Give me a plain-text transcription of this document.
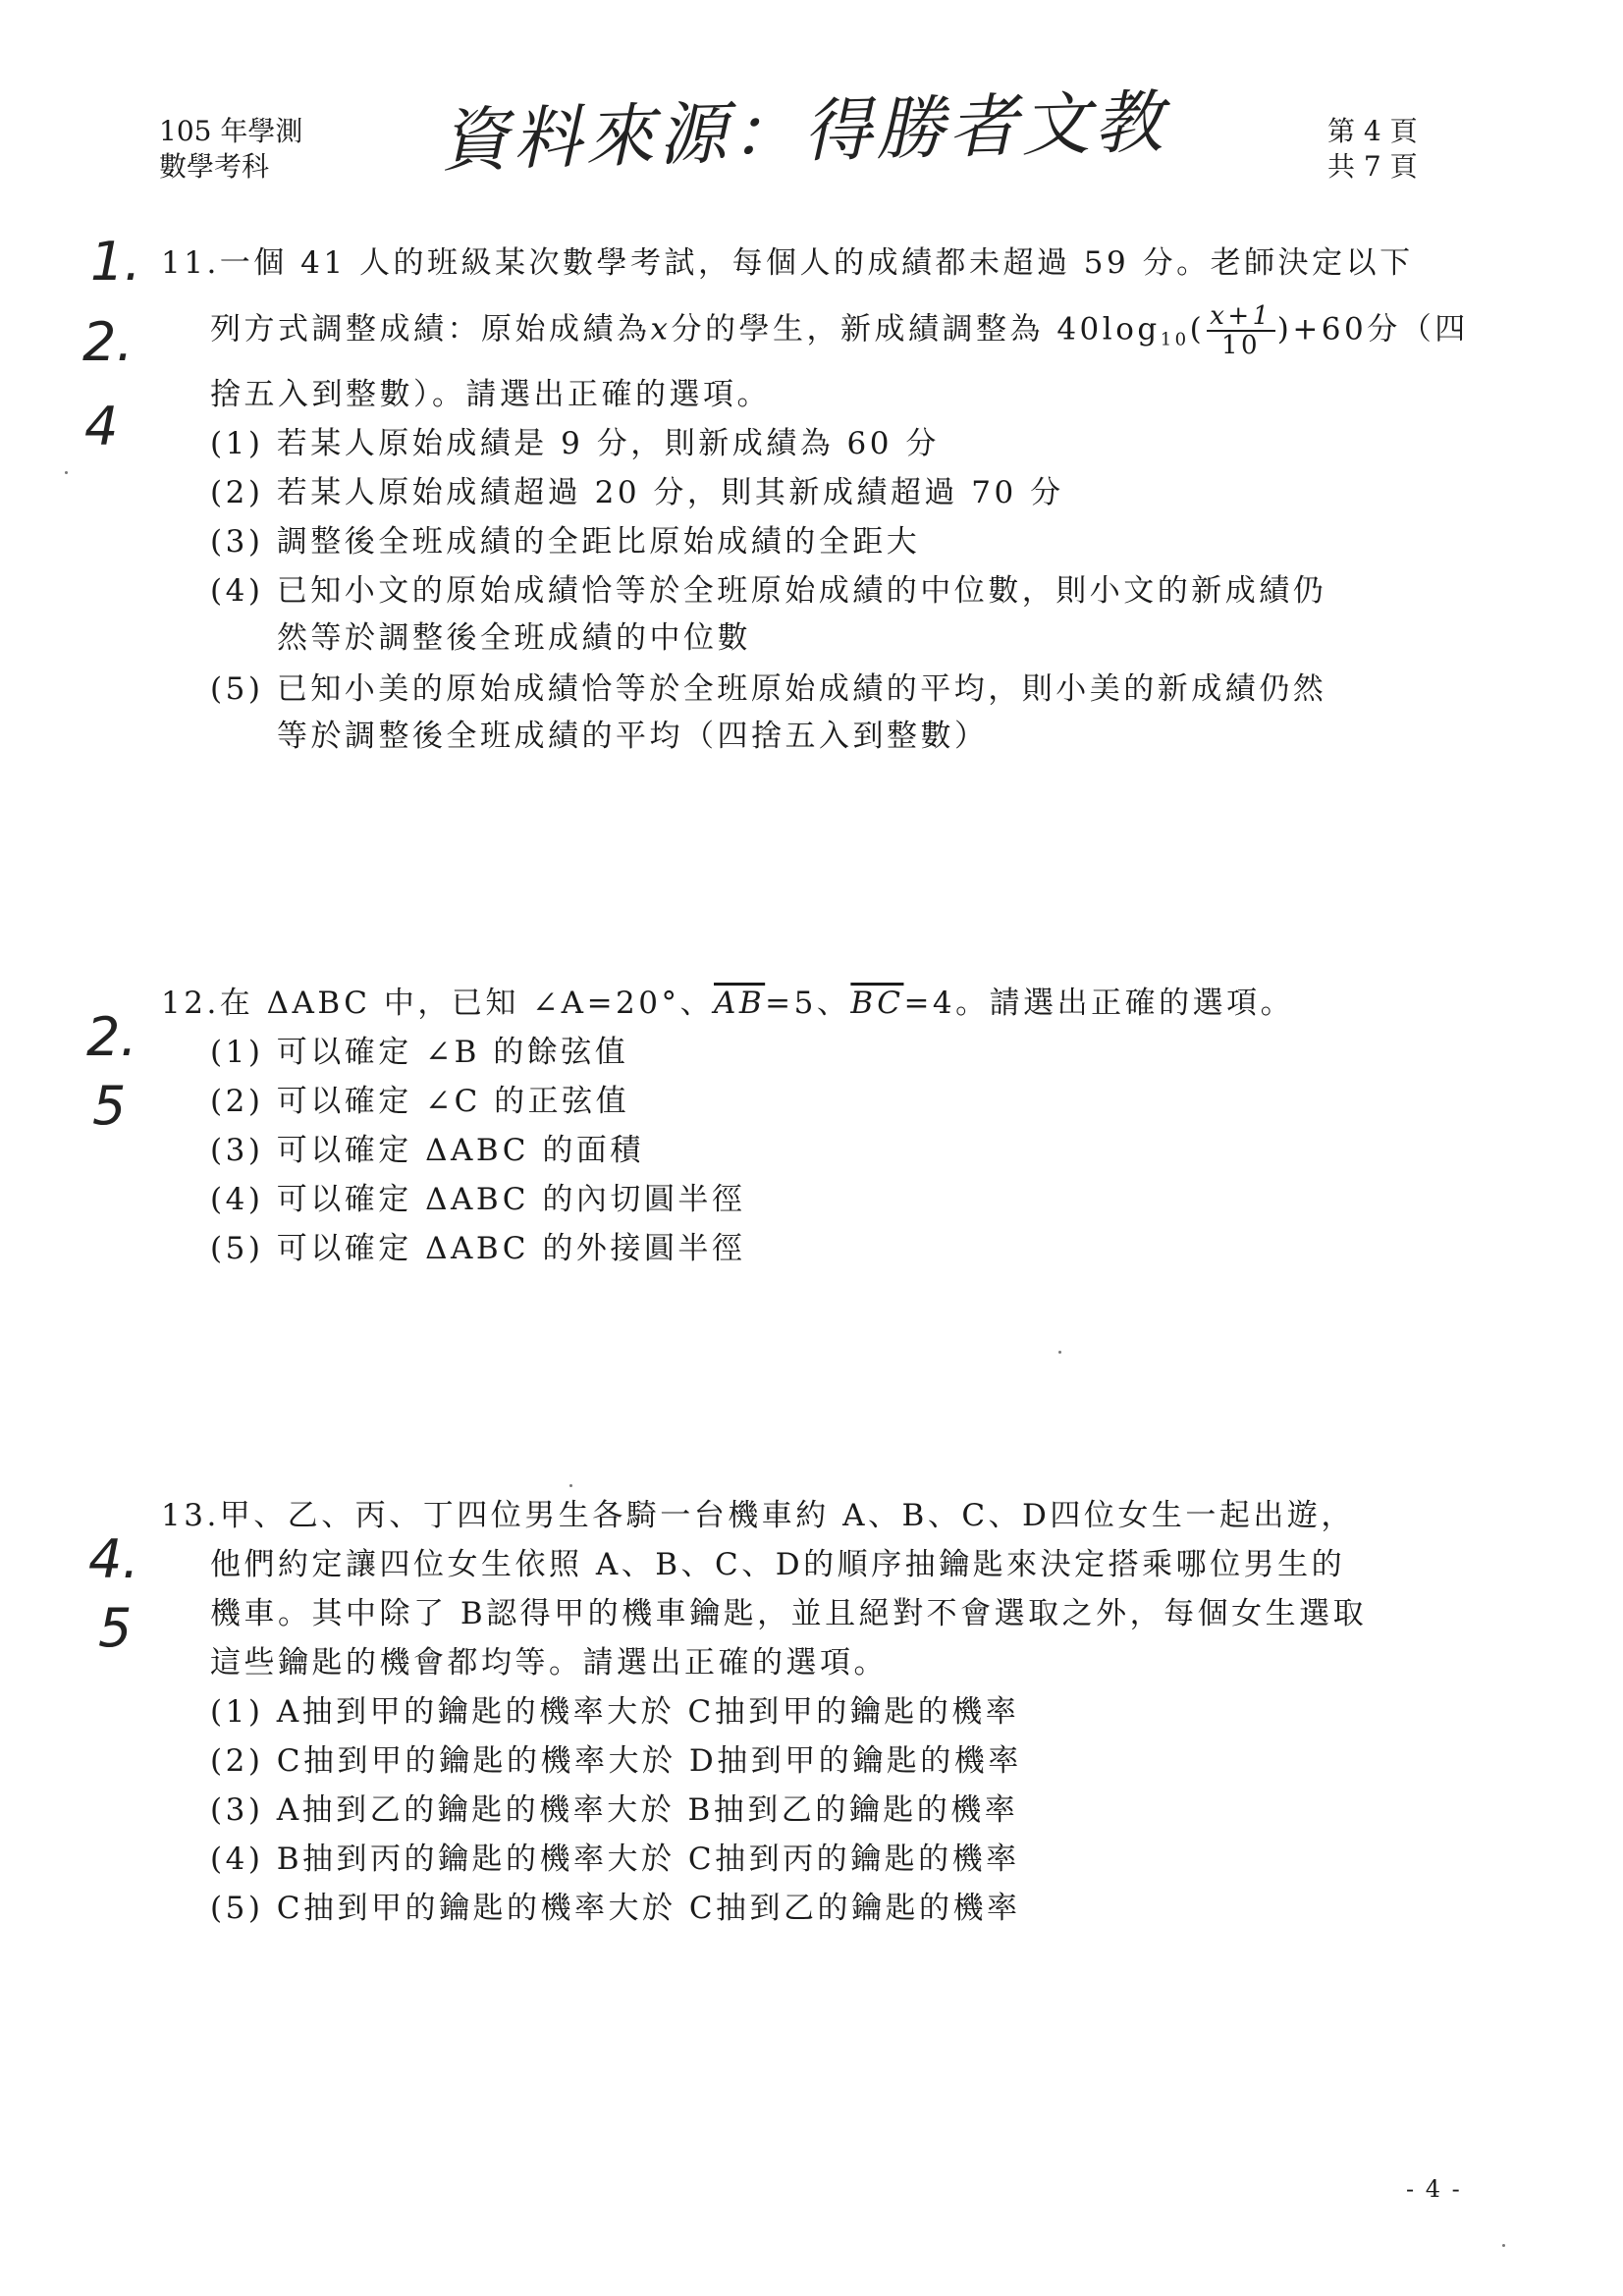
105 年學測
數學考科	資料來源：得勝者文教	第 4 頁
共 7 頁
1.
2.
4
11.一個 41 人的班級某次數學考試，每個人的成績都未超過 59 分。老師決定以下
列方式調整成績：原始成績為x分的學生，新成績調整為 $40\log_{10}( \frac{x+1}{10} )+60$分（四
捨五入到整數）。請選出正確的選項。
(1) 若某人原始成績是 9 分，則新成績為 60 分
(2) 若某人原始成績超過 20 分，則其新成績超過 70 分
(3) 調整後全班成績的全距比原始成績的全距大
(4) 已知小文的原始成績恰等於全班原始成績的中位數，則小文的新成績仍
然等於調整後全班成績的中位數
(5) 已知小美的原始成績恰等於全班原始成績的平均，則小美的新成績仍然
等於調整後全班成績的平均（四捨五入到整數）
2.
5
12.在 ΔABC 中，已知 ∠A=20°、$\overline{AB}=5$、$\overline{BC}=4$。請選出正確的選項。
(1) 可以確定 ∠B 的餘弦值
(2) 可以確定 ∠C 的正弦值
(3) 可以確定 ΔABC 的面積
(4) 可以確定 ΔABC 的內切圓半徑
(5) 可以確定 ΔABC 的外接圓半徑
4.
5
13.甲、乙、丙、丁四位男生各騎一台機車約 A、B、C、D四位女生一起出遊，
他們約定讓四位女生依照 A、B、C、D的順序抽鑰匙來決定搭乘哪位男生的
機車。其中除了 B認得甲的機車鑰匙，並且絕對不會選取之外，每個女生選取
這些鑰匙的機會都均等。請選出正確的選項。
(1) A抽到甲的鑰匙的機率大於 C抽到甲的鑰匙的機率
(2) C抽到甲的鑰匙的機率大於 D抽到甲的鑰匙的機率
(3) A抽到乙的鑰匙的機率大於 B抽到乙的鑰匙的機率
(4) B抽到丙的鑰匙的機率大於 C抽到丙的鑰匙的機率
(5) C抽到甲的鑰匙的機率大於 C抽到乙的鑰匙的機率
- 4 -
